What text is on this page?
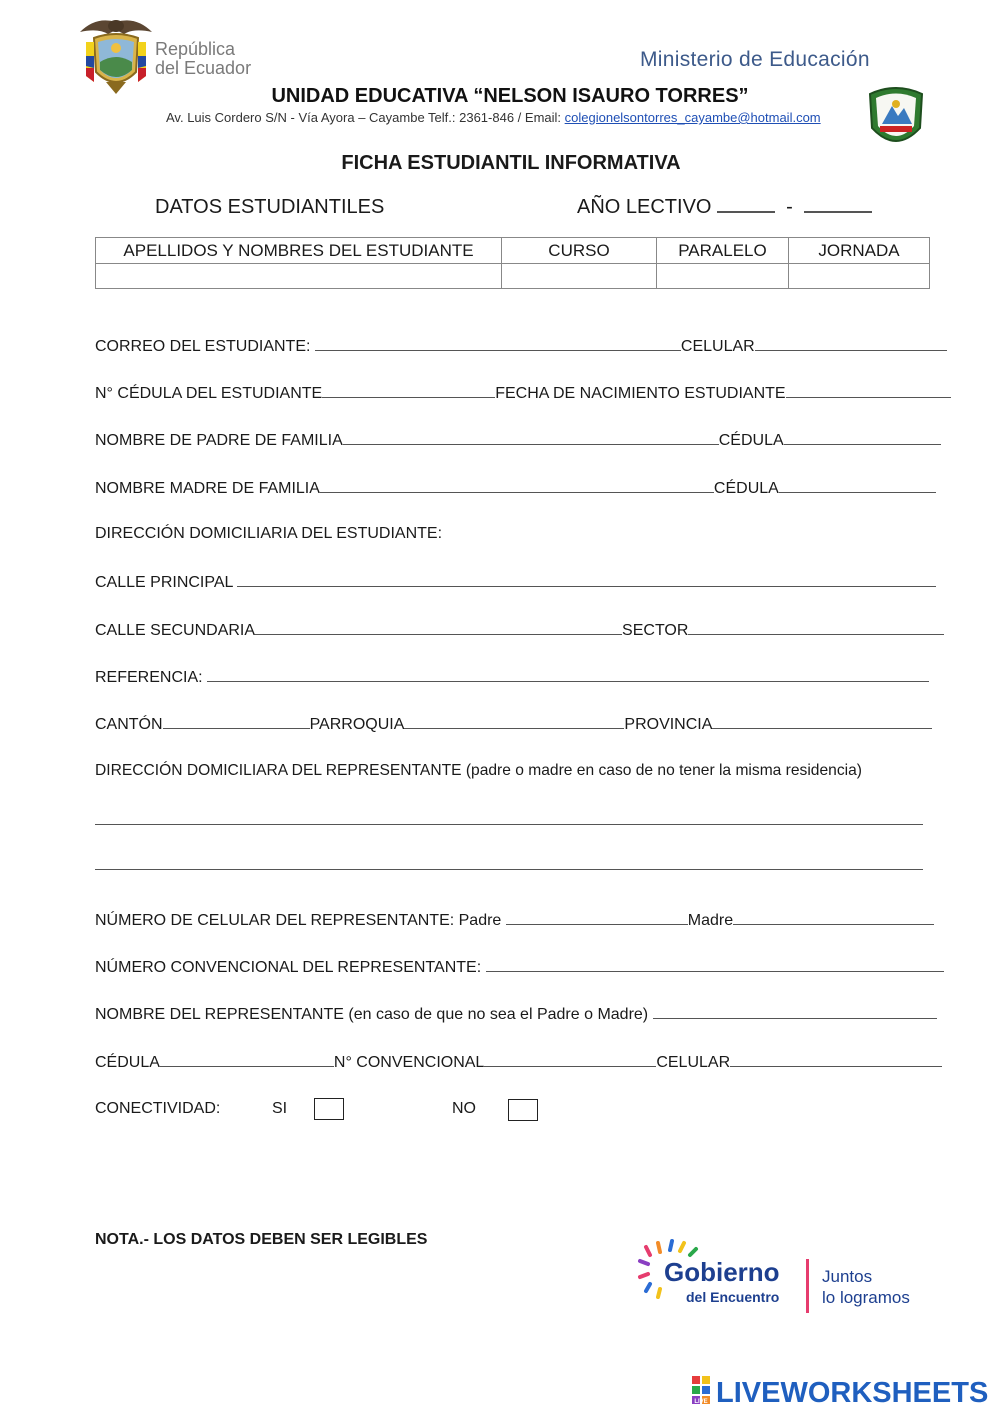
República
del Ecuador	Ministerio de Educación
UNIDAD EDUCATIVA “NELSON ISAURO TORRES”
Av. Luis Cordero S/N - Vía Ayora – Cayambe Telf.: 2361-846 / Email: colegionelsontorres_cayambe@hotmail.com
FICHA ESTUDIANTIL INFORMATIVA
DATOS ESTUDIANTILES	AÑO LECTIVO	-
APELLIDOS Y NOMBRES DEL ESTUDIANTE	CURSO	PARALELO	JORNADA

CORREO DEL ESTUDIANTE:	CELULAR
N° CÉDULA DEL ESTUDIANTE	FECHA DE NACIMIENTO ESTUDIANTE
NOMBRE DE PADRE DE FAMILIA	CÉDULA
NOMBRE MADRE DE FAMILIA	CÉDULA
DIRECCIÓN DOMICILIARIA DEL ESTUDIANTE:
CALLE PRINCIPAL
CALLE SECUNDARIA	SECTOR
REFERENCIA:
CANTÓN	PARROQUIA	PROVINCIA
DIRECCIÓN DOMICILIARA DEL REPRESENTANTE (padre o madre en caso de no tener la misma residencia)
NÚMERO DE CELULAR DEL REPRESENTANTE: Padre	Madre
NÚMERO CONVENCIONAL DEL REPRESENTANTE:
NOMBRE DEL REPRESENTANTE (en caso de que no sea el Padre o Madre)
CÉDULA	N° CONVENCIONAL	CELULAR
CONECTIVIDAD:	SI	NO
NOTA.- LOS DATOS DEBEN SER LEGIBLES
Gobierno
del Encuentro
Juntos
lo logramos
LIVE LIVEWORKSHEETS
